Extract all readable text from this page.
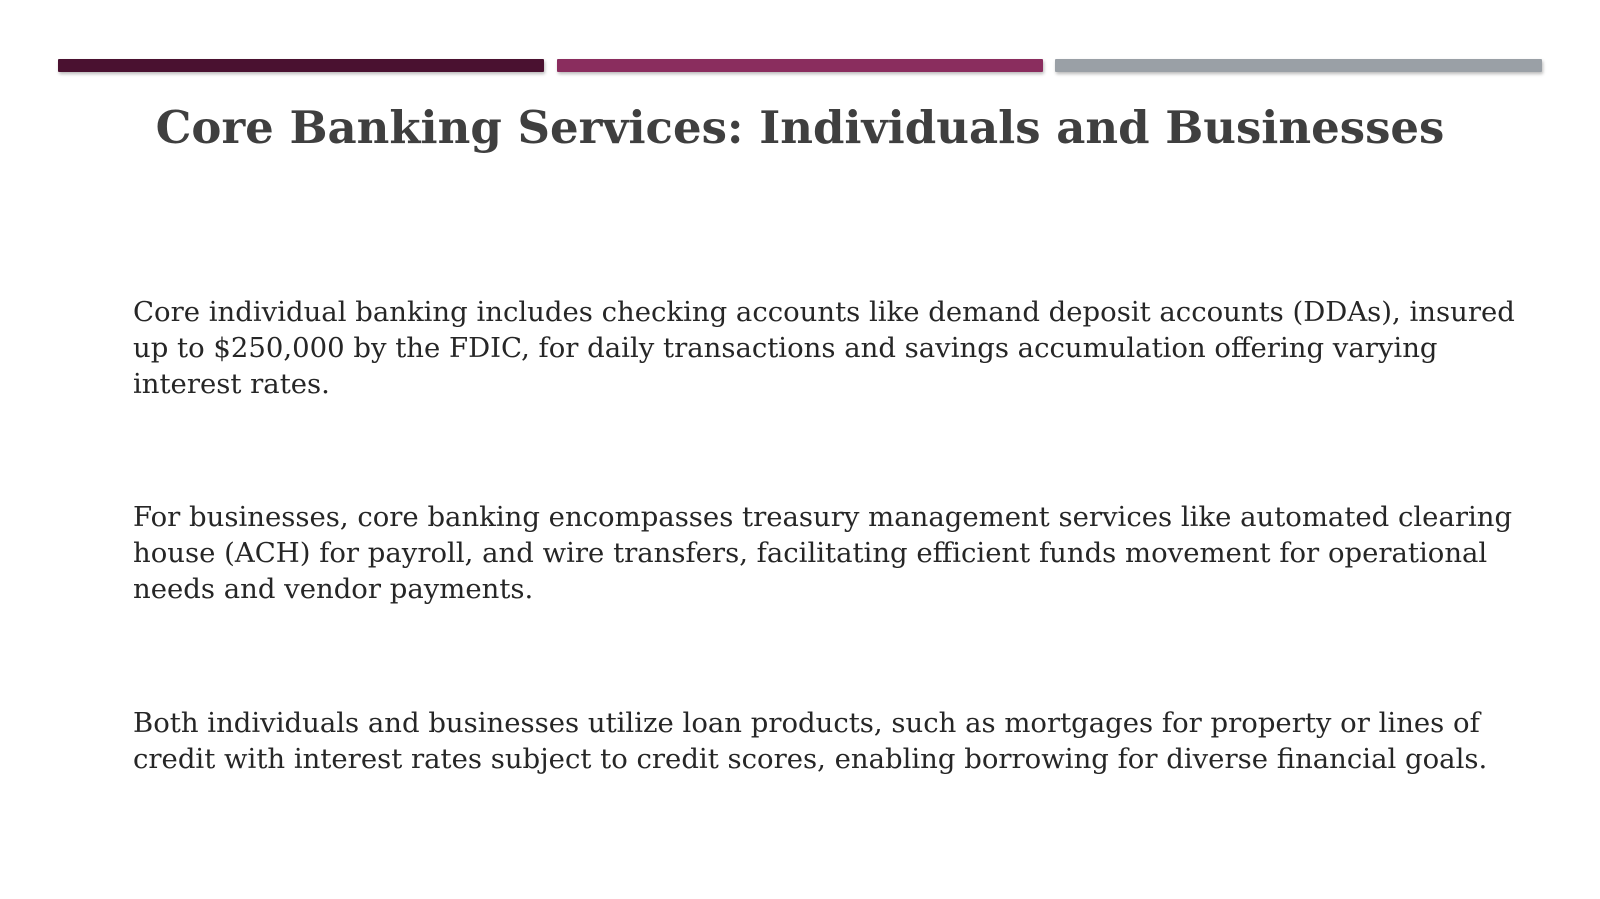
Core Banking Services: Individuals and Businesses

Core individual banking includes checking accounts like demand deposit accounts (DDAs), insured up to $250,000 by the FDIC, for daily transactions and savings accumulation offering varying interest rates.

For businesses, core banking encompasses treasury management services like automated clearing house (ACH) for payroll, and wire transfers, facilitating efficient funds movement for operational needs and vendor payments.

Both individuals and businesses utilize loan products, such as mortgages for property or lines of credit with interest rates subject to credit scores, enabling borrowing for diverse financial goals.
